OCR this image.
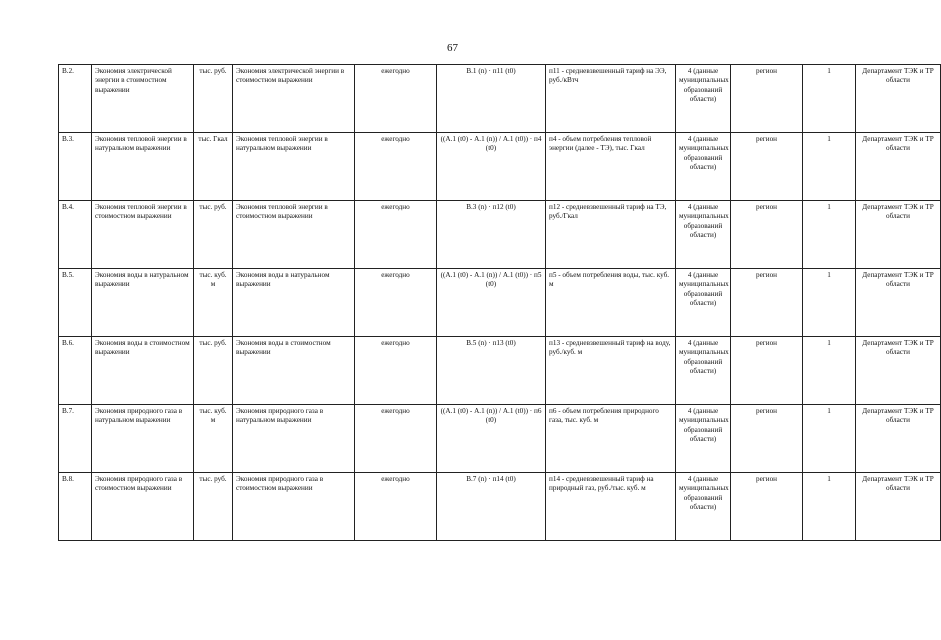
67
В.2.	Экономия электрической энергии в стоимостном выражении	тыс. руб.	Экономия электрической энергии в стоимостном выражении	ежегодно	В.1 (n) · п11 (t0)	п11 - средневзвешенный тариф на ЭЭ, руб./кВтч	4 (данные муниципальных образований области)	регион	1	Департамент ТЭК и ТР области
В.3.	Экономия тепловой энергии в натуральном выражении	тыс. Гкал	Экономия тепловой энергии в натуральном выражении	ежегодно	((А.1 (t0) - А.1 (n)) / А.1 (t0)) · п4 (t0)	п4 - объем потребления тепловой энергии (далее - ТЭ), тыс. Гкал	4 (данные муниципальных образований области)	регион	1	Департамент ТЭК и ТР области
В.4.	Экономия тепловой энергии в стоимостном выражении	тыс. руб.	Экономия тепловой энергии в стоимостном выражении	ежегодно	В.3 (n) · п12 (t0)	п12 - средневзвешенный тариф на ТЭ, руб./Гкал	4 (данные муниципальных образований области)	регион	1	Департамент ТЭК и ТР области
В.5.	Экономия воды в натуральном выражении	тыс. куб. м	Экономия воды в натуральном выражении	ежегодно	((А.1 (t0) - А.1 (n)) / А.1 (t0)) · п5 (t0)	п5 - объем потребления воды, тыс. куб. м	4 (данные муниципальных образований области)	регион	1	Департамент ТЭК и ТР области
В.6.	Экономия воды в стоимостном выражении	тыс. руб.	Экономия воды в стоимостном выражении	ежегодно	В.5 (n) · п13 (t0)	п13 - средневзвешенный тариф на воду, руб./куб. м	4 (данные муниципальных образований области)	регион	1	Департамент ТЭК и ТР области
В.7.	Экономия природного газа в натуральном выражении	тыс. куб. м	Экономия природного газа в натуральном выражении	ежегодно	((А.1 (t0) - А.1 (n)) / А.1 (t0)) · п6 (t0)	п6 - объем потребления природного газа, тыс. куб. м	4 (данные муниципальных образований области)	регион	1	Департамент ТЭК и ТР области
В.8.	Экономия природного газа в стоимостном выражении	тыс. руб.	Экономия природного газа в стоимостном выражении	ежегодно	В.7 (n) · п14 (t0)	п14 - средневзвешенный тариф на природный газ, руб./тыс. куб. м	4 (данные муниципальных образований области)	регион	1	Департамент ТЭК и ТР области
